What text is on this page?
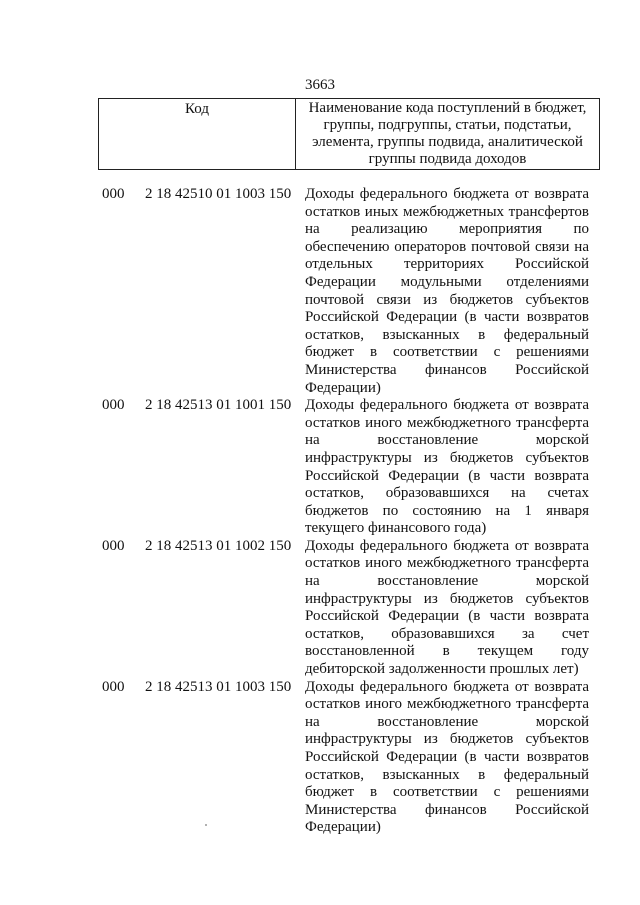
3663
Код	Наименование кода поступлений в бюджет, группы, подгруппы, статьи, подстатьи, элемента, группы подвида, аналитической группы подвида доходов
000 2 18 42510 01 1003 150 Доходы федерального бюджета от возврата остатков иных межбюджетных трансфертов на реализацию мероприятия по обеспечению операторов почтовой связи на отдельных территориях Российской Федерации модульными отделениями почтовой связи из бюджетов субъектов Российской Федерации (в части возвратов остатков, взысканных в федеральный бюджет в соответствии с решениями Министерства финансов Российской Федерации)
000 2 18 42513 01 1001 150 Доходы федерального бюджета от возврата остатков иного межбюджетного трансферта на восстановление морской инфраструктуры из бюджетов субъектов Российской Федерации (в части возврата остатков, образовавшихся на счетах бюджетов по состоянию на 1 января текущего финансового года)
000 2 18 42513 01 1002 150 Доходы федерального бюджета от возврата остатков иного межбюджетного трансферта на восстановление морской инфраструктуры из бюджетов субъектов Российской Федерации (в части возврата остатков, образовавшихся за счет восстановленной в текущем году дебиторской задолженности прошлых лет)
000 2 18 42513 01 1003 150 Доходы федерального бюджета от возврата остатков иного межбюджетного трансферта на восстановление морской инфраструктуры из бюджетов субъектов Российской Федерации (в части возвратов остатков, взысканных в федеральный бюджет в соответствии с решениями Министерства финансов Российской Федерации)
